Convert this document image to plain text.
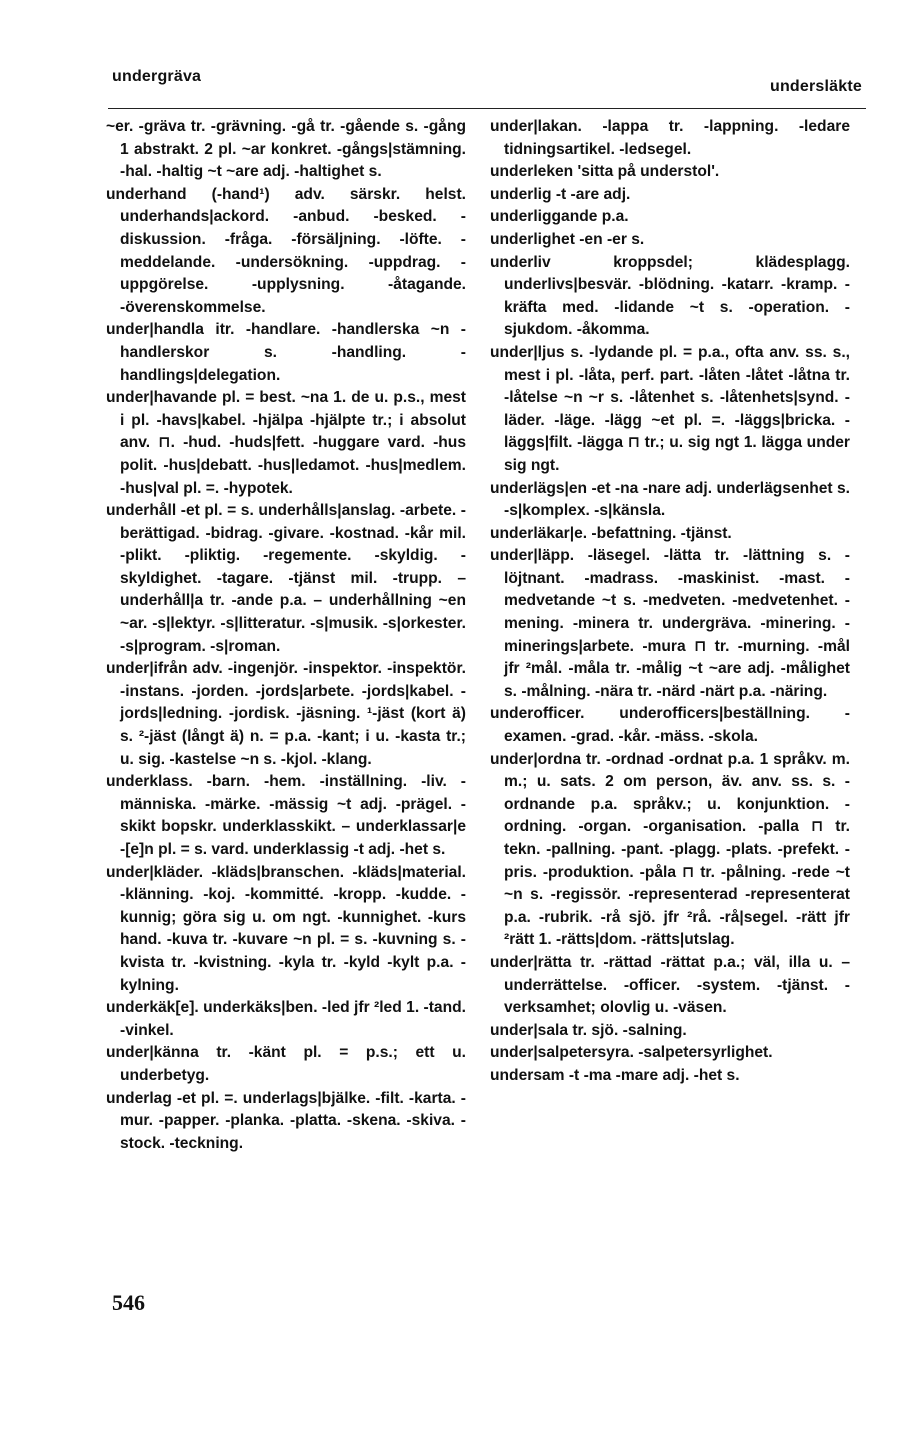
undergräva
undersläkte

~er. -gräva tr. -grävning. -gå tr. -gående s. -gång 1 abstrakt. 2 pl. ~ar konkret. -gångs|stämning. -hal. -haltig ~t ~are adj. -haltighet s.

underhand (-hand¹) adv. särskr. helst. underhands|ackord. -anbud. -besked. -diskussion. -fråga. -försäljning. -löfte. -meddelande. -undersökning. -uppdrag. -uppgörelse. -upplysning. -åtagande. -överenskommelse.

under|handla itr. -handlare. -handlerska ~n -handlerskor s. -handling. -handlings|delegation.

under|havande pl. = best. ~na 1. de u. p.s., mest i pl. -havs|kabel. -hjälpa -hjälpte tr.; i absolut anv. ⊓. -hud. -huds|fett. -huggare vard. -hus polit. -hus|debatt. -hus|ledamot. -hus|medlem. -hus|val pl. =. -hypotek.

underhåll -et pl. = s. underhålls|anslag. -arbete. -berättigad. -bidrag. -givare. -kostnad. -kår mil. -plikt. -pliktig. -regemente. -skyldig. -skyldighet. -tagare. -tjänst mil. -trupp. – underhåll|a tr. -ande p.a. – underhållning ~en ~ar. -s|lektyr. -s|litteratur. -s|musik. -s|orkester. -s|program. -s|roman.

under|ifrån adv. -ingenjör. -inspektor. -inspektör. -instans. -jorden. -jords|arbete. -jords|kabel. -jords|ledning. -jordisk. -jäsning. ¹-jäst (kort ä) s. ²-jäst (långt ä) n. = p.a. -kant; i u. -kasta tr.; u. sig. -kastelse ~n s. -kjol. -klang.

underklass. -barn. -hem. -inställning. -liv. -människa. -märke. -mässig ~t adj. -prägel. -skikt bopskr. underklasskikt. – underklassar|e -[e]n pl. = s. vard. underklassig -t adj. -het s.

under|kläder. -kläds|branschen. -kläds|material. -klänning. -koj. -kommitté. -kropp. -kudde. -kunnig; göra sig u. om ngt. -kunnighet. -kurs hand. -kuva tr. -kuvare ~n pl. = s. -kuvning s. -kvista tr. -kvistning. -kyla tr. -kyld -kylt p.a. -kylning.

underkäk[e]. underkäks|ben. -led jfr ²led 1. -tand. -vinkel.

under|känna tr. -känt pl. = p.s.; ett u. underbetyg.

underlag -et pl. =. underlags|bjälke. -filt. -karta. -mur. -papper. -planka. -platta. -skena. -skiva. -stock. -teckning.

under|lakan. -lappa tr. -lappning. -ledare tidningsartikel. -ledsegel.

underleken 'sitta på understol'.

underlig -t -are adj.

underliggande p.a.

underlighet -en -er s.

underliv kroppsdel; klädesplagg. underlivs|besvär. -blödning. -katarr. -kramp. -kräfta med. -lidande ~t s. -operation. -sjukdom. -åkomma.

under|ljus s. -lydande pl. = p.a., ofta anv. ss. s., mest i pl. -låta, perf. part. -låten -låtet -låtna tr. -låtelse ~n ~r s. -låtenhet s. -låtenhets|synd. -läder. -läge. -lägg ~et pl. =. -läggs|bricka. -läggs|filt. -lägga ⊓ tr.; u. sig ngt 1. lägga under sig ngt.

underlägs|en -et -na -nare adj. underlägsenhet s. -s|komplex. -s|känsla.

underläkar|e. -befattning. -tjänst.

under|läpp. -läsegel. -lätta tr. -lättning s. -löjtnant. -madrass. -maskinist. -mast. -medvetande ~t s. -medveten. -medvetenhet. -mening. -minera tr. undergräva. -minering. -minerings|arbete. -mura ⊓ tr. -murning. -mål jfr ²mål. -måla tr. -målig ~t ~are adj. -målighet s. -målning. -nära tr. -närd -närt p.a. -näring.

underofficer. underofficers|beställning. -examen. -grad. -kår. -mäss. -skola.

under|ordna tr. -ordnad -ordnat p.a. 1 språkv. m. m.; u. sats. 2 om person, äv. anv. ss. s. -ordnande p.a. språkv.; u. konjunktion. -ordning. -organ. -organisation. -palla ⊓ tr. tekn. -pallning. -pant. -plagg. -plats. -prefekt. -pris. -produktion. -påla ⊓ tr. -pålning. -rede ~t ~n s. -regissör. -representerad -representerat p.a. -rubrik. -rå sjö. jfr ²rå. -rå|segel. -rätt jfr ²rätt 1. -rätts|dom. -rätts|utslag.

under|rätta tr. -rättad -rättat p.a.; väl, illa u. – underrättelse. -officer. -system. -tjänst. -verksamhet; olovlig u. -väsen.

under|sala tr. sjö. -salning.

under|salpetersyra. -salpetersyrlighet.

undersam -t -ma -mare adj. -het s.

546
